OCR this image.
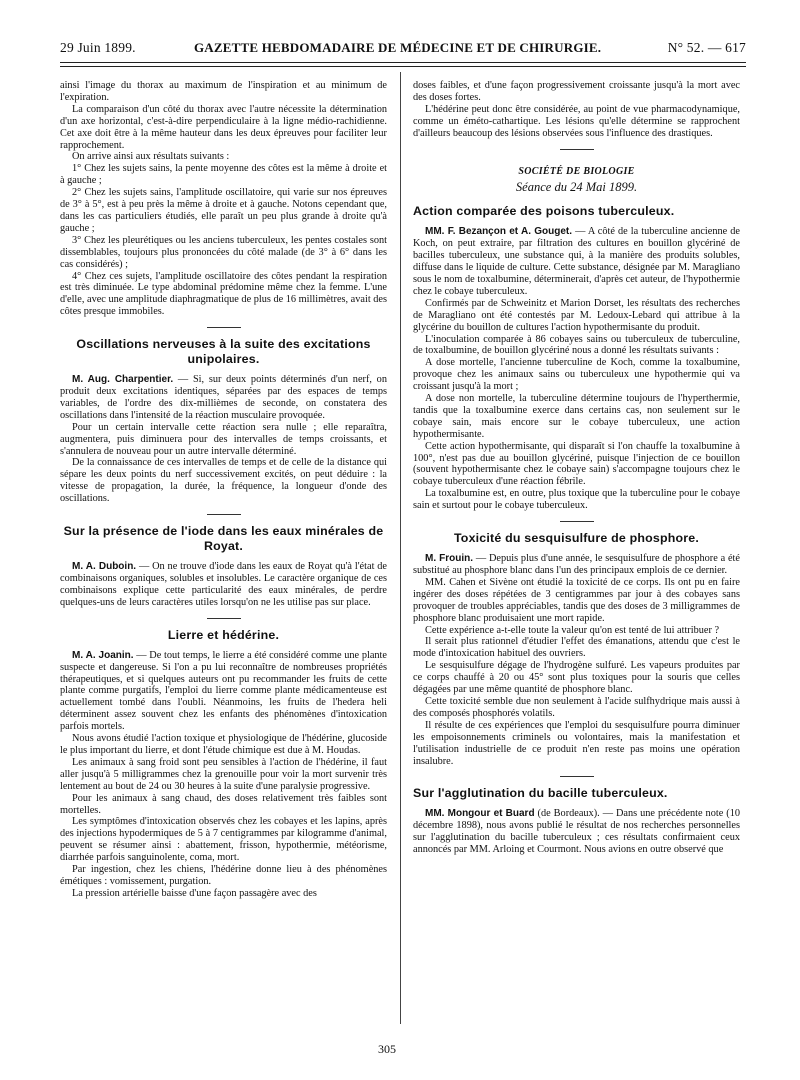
29 Juin 1899.	GAZETTE HEBDOMADAIRE DE MÉDECINE ET DE CHIRURGIE.	N° 52. — 617

ainsi l'image du thorax au maximum de l'inspiration et au minimum de l'expiration.

La comparaison d'un côté du thorax avec l'autre nécessite la détermination d'un axe horizontal, c'est-à-dire perpendiculaire à la ligne médio-rachidienne. Cet axe doit être à la même hauteur dans les deux épreuves pour faciliter leur rapprochement.

On arrive ainsi aux résultats suivants :

1° Chez les sujets sains, la pente moyenne des côtes est la même à droite et à gauche ;

2° Chez les sujets sains, l'amplitude oscillatoire, qui varie sur nos épreuves de 3° à 5°, est à peu près la même à droite et à gauche. Notons cependant que, dans les cas particuliers étudiés, elle paraît un peu plus grande à droite qu'à gauche ;

3° Chez les pleurétiques ou les anciens tuberculeux, les pentes costales sont dissemblables, toujours plus prononcées du côté malade (de 3° à 6° dans les cas considérés) ;

4° Chez ces sujets, l'amplitude oscillatoire des côtes pendant la respiration est très diminuée. Le type abdominal prédomine même chez la femme. L'une d'elle, avec une amplitude diaphragmatique de plus de 16 millimètres, avait des côtes presque immobiles.

Oscillations nerveuses à la suite des excitations unipolaires.

M. Aug. Charpentier. — Si, sur deux points déterminés d'un nerf, on produit deux excitations identiques, séparées par des espaces de temps variables, de l'ordre des dix-millièmes de seconde, on constatera des oscillations dans l'intensité de la réaction musculaire provoquée.

Pour un certain intervalle cette réaction sera nulle ; elle reparaîtra, augmentera, puis diminuera pour des intervalles de temps croissants, et s'annulera de nouveau pour un autre intervalle déterminé.

De la connaissance de ces intervalles de temps et de celle de la distance qui sépare les deux points du nerf successivement excités, on peut déduire : la vitesse de propagation, la durée, la fréquence, la longueur d'onde des oscillations.

Sur la présence de l'iode dans les eaux minérales de Royat.

M. A. Duboin. — On ne trouve d'iode dans les eaux de Royat qu'à l'état de combinaisons organiques, solubles et insolubles. Le caractère organique de ces combinaisons explique cette particularité des eaux minérales, de perdre quelques-uns de leurs caractères utiles lorsqu'on ne les utilise pas sur place.

Lierre et hédérine.

M. A. Joanin. — De tout temps, le lierre a été considéré comme une plante suspecte et dangereuse. Si l'on a pu lui reconnaître de nombreuses propriétés thérapeutiques, et si quelques auteurs ont pu recommander les fruits de cette plante comme purgatifs, l'emploi du lierre comme plante médicamenteuse est actuellement tombé dans l'oubli. Néanmoins, les fruits de l'hedera heli déterminent assez souvent chez les enfants des phénomènes d'intoxication parfois mortels.

Nous avons étudié l'action toxique et physiologique de l'hédérine, glucoside le plus important du lierre, et dont l'étude chimique est due à M. Houdas.

Les animaux à sang froid sont peu sensibles à l'action de l'hédérine, il faut aller jusqu'à 5 milligrammes chez la grenouille pour voir la mort survenir très lentement au bout de 24 ou 30 heures à la suite d'une paralysie progressive.

Pour les animaux à sang chaud, des doses relativement très faibles sont mortelles.

Les symptômes d'intoxication observés chez les cobayes et les lapins, après des injections hypodermiques de 5 à 7 centigrammes par kilogramme d'animal, peuvent se résumer ainsi : abattement, frisson, hypothermie, météorisme, diarrhée parfois sanguinolente, coma, mort.

Par ingestion, chez les chiens, l'hédérine donne lieu à des phénomènes émétiques : vomissement, purgation.

La pression artérielle baisse d'une façon passagère avec des

doses faibles, et d'une façon progressivement croissante jusqu'à la mort avec des doses fortes.

L'hédérine peut donc être considérée, au point de vue pharmacodynamique, comme un éméto-cathartique. Les lésions qu'elle détermine se rapprochent d'ailleurs beaucoup des lésions observées sous l'influence des drastiques.

SOCIÉTÉ DE BIOLOGIE
Séance du 24 Mai 1899.
Action comparée des poisons tuberculeux.

MM. F. Bezançon et A. Gouget. — A côté de la tuberculine ancienne de Koch, on peut extraire, par filtration des cultures en bouillon glycériné de bacilles tuberculeux, une substance qui, à la manière des produits solubles, diffuse dans le liquide de culture. Cette substance, désignée par M. Maragliano sous le nom de toxalbumine, déterminerait, d'après cet auteur, de l'hypothermie chez le cobaye tuberculeux.

Confirmés par de Schweinitz et Marion Dorset, les résultats des recherches de Maragliano ont été contestés par M. Ledoux-Lebard qui attribue à la glycérine du bouillon de cultures l'action hypothermisante du produit.

L'inoculation comparée à 86 cobayes sains ou tuberculeux de tuberculine, de toxalbumine, de bouillon glycériné nous a donné les résultats suivants :

A dose mortelle, l'ancienne tuberculine de Koch, comme la toxalbumine, provoque chez les animaux sains ou tuberculeux une hypothermie qui va croissant jusqu'à la mort ;

A dose non mortelle, la tuberculine détermine toujours de l'hyperthermie, tandis que la toxalbumine exerce dans certains cas, non seulement sur le cobaye sain, mais encore sur le cobaye tuberculeux, une action hypothermisante.

Cette action hypothermisante, qui disparaît si l'on chauffe la toxalbumine à 100°, n'est pas due au bouillon glycériné, puisque l'injection de ce bouillon (souvent hypothermisante chez le cobaye sain) s'accompagne toujours chez le cobaye tuberculeux d'une réaction fébrile.

La toxalbumine est, en outre, plus toxique que la tuberculine pour le cobaye sain et surtout pour le cobaye tuberculeux.

Toxicité du sesquisulfure de phosphore.

M. Frouin. — Depuis plus d'une année, le sesquisulfure de phosphore a été substitué au phosphore blanc dans l'un des principaux emplois de ce dernier.

MM. Cahen et Sivène ont étudié la toxicité de ce corps. Ils ont pu en faire ingérer des doses répétées de 3 centigrammes par jour à des cobayes sans provoquer de troubles appréciables, tandis que des doses de 3 milligrammes de phosphore blanc produisaient une mort rapide.

Cette expérience a-t-elle toute la valeur qu'on est tenté de lui attribuer ?

Il serait plus rationnel d'étudier l'effet des émanations, attendu que c'est le mode d'intoxication habituel des ouvriers.

Le sesquisulfure dégage de l'hydrogène sulfuré. Les vapeurs produites par ce corps chauffé à 20 ou 45° sont plus toxiques pour la souris que celles dégagées par une même quantité de phosphore blanc.

Cette toxicité semble due non seulement à l'acide sulfhydrique mais aussi à des composés phosphorés volatils.

Il résulte de ces expériences que l'emploi du sesquisulfure pourra diminuer les empoisonnements criminels ou volontaires, mais la manifestation et l'utilisation industrielle de ce produit n'en reste pas moins une opération insalubre.

Sur l'agglutination du bacille tuberculeux.

MM. Mongour et Buard (de Bordeaux). — Dans une précédente note (10 décembre 1898), nous avons publié le résultat de nos recherches personnelles sur l'agglutination du bacille tuberculeux ; ces résultats confirmaient ceux annoncés par MM. Arloing et Courmont. Nous avions en outre observé que

305
